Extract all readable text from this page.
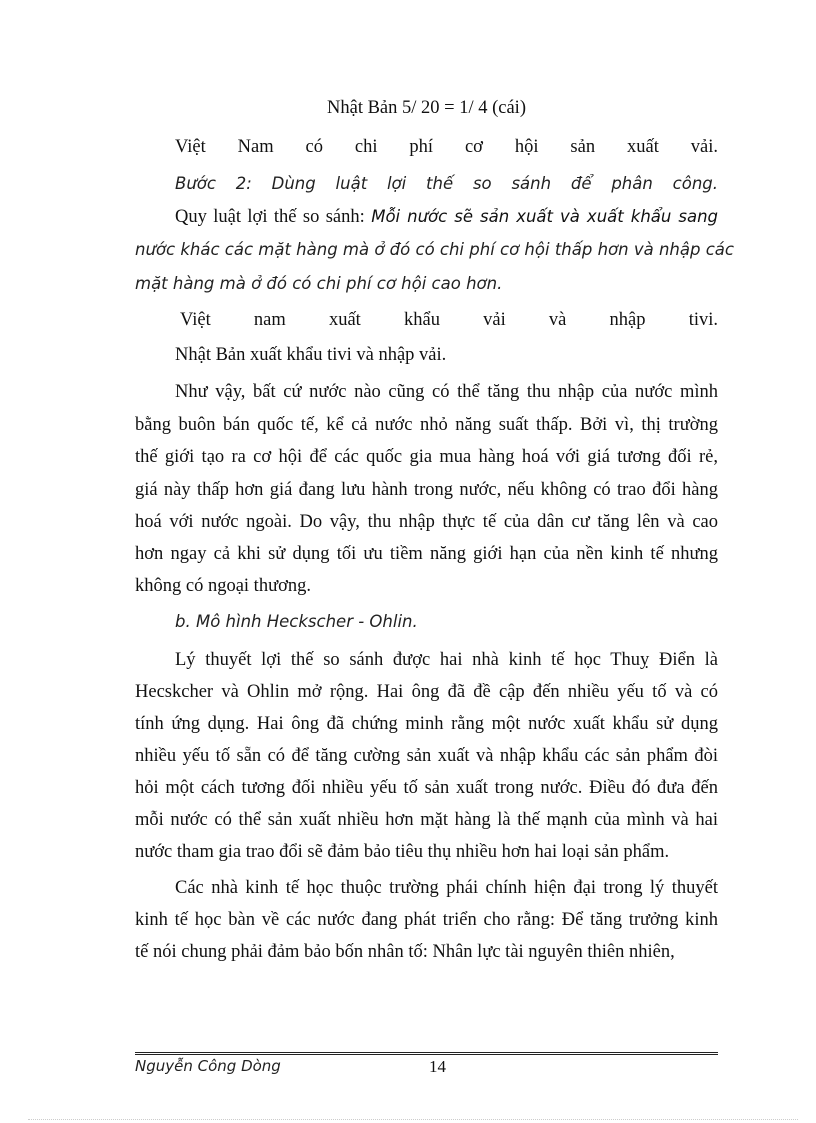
Nhật Bản 5/ 20 = 1/ 4 (cái)
Việt Nam có chi phí cơ hội sản xuất vải.
Bước 2: Dùng luật lợi thế so sánh để phân công.
Quy luật lợi thế so sánh: Mỗi nước sẽ sản xuất và xuất khẩu sang
nước khác các mặt hàng mà ở đó có chi phí cơ hội thấp hơn và nhập các
mặt hàng mà ở đó có chi phí cơ hội cao hơn.
Việt nam xuất khẩu vải và nhập tivi.
Nhật Bản xuất khẩu tivi và nhập vải.
Như vậy, bất cứ nước nào cũng có thể tăng thu nhập của nước mình
bằng buôn bán quốc tế, kể cả nước nhỏ năng suất thấp. Bởi vì, thị trường
thế giới tạo ra cơ hội để các quốc gia mua hàng hoá với giá tương đối rẻ,
giá này thấp hơn giá đang lưu hành trong nước, nếu không có trao đổi hàng
hoá với nước ngoài. Do vậy, thu nhập thực tế của dân cư tăng lên và cao
hơn ngay cả khi sử dụng tối ưu tiềm năng giới hạn của nền kinh tế nhưng
không có ngoại thương.
b. Mô hình Heckscher - Ohlin.
Lý thuyết lợi thế so sánh được hai nhà kinh tế học Thuỵ Điển là
Hecskcher và Ohlin mở rộng. Hai ông đã đề cập đến nhiều yếu tố và có
tính ứng dụng. Hai ông đã chứng minh rằng một nước xuất khẩu sử dụng
nhiều yếu tố sẵn có để tăng cường sản xuất và nhập khẩu các sản phẩm đòi
hỏi một cách tương đối nhiều yếu tố sản xuất trong nước. Điều đó đưa đến
mỗi nước có thể sản xuất nhiều hơn mặt hàng là thế mạnh của mình và hai
nước tham gia trao đổi sẽ đảm bảo tiêu thụ nhiều hơn hai loại sản phẩm.
Các nhà kinh tế học thuộc trường phái chính hiện đại trong lý thuyết
kinh tế học bàn về các nước đang phát triển cho rằng: Để tăng trưởng kinh
tế nói chung phải đảm bảo bốn nhân tố: Nhân lực tài nguyên thiên nhiên,
Nguyễn Công Dòng	14
